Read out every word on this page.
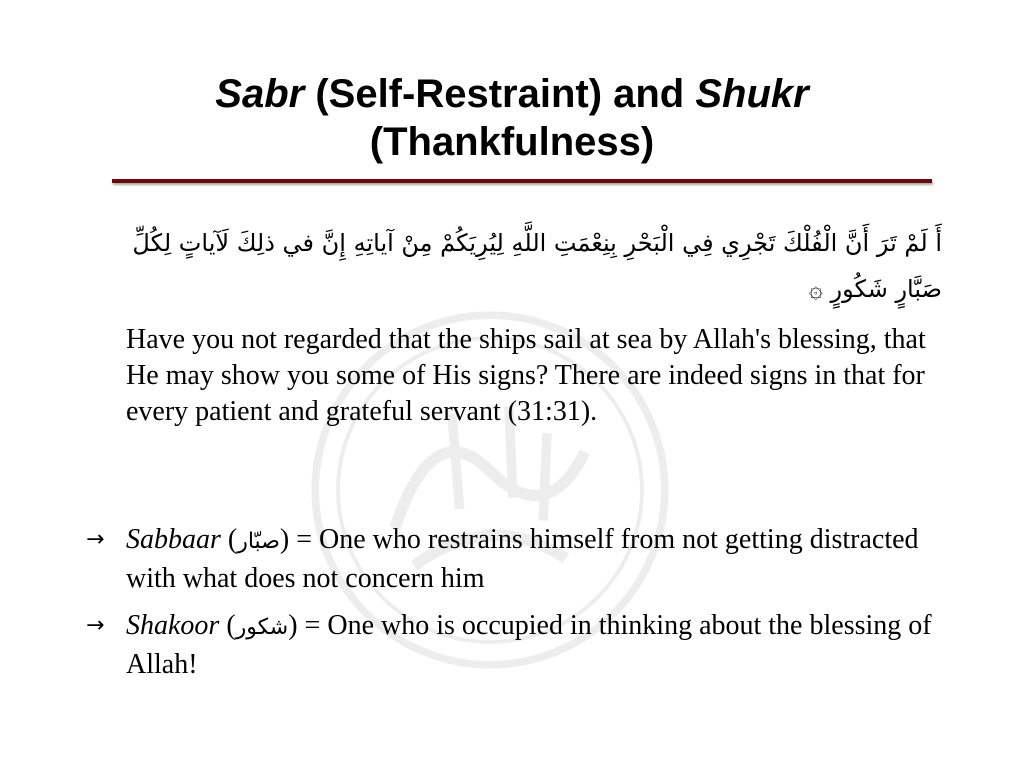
Sabr (Self-Restraint) and Shukr
(Thankfulness)
أَ لَمْ تَرَ أَنَّ الْفُلْكَ تَجْرِي فِي الْبَحْرِ بِنِعْمَتِ اللَّهِ لِيُرِيَكُمْ مِنْ آياتِهِ إِنَّ في ذلِكَ لَآياتٍ لِكُلِّ صَبَّارٍ شَكُورٍ ۞
Have you not regarded that the ships sail at sea by Allah's blessing, that He may show you some of His signs? There are indeed signs in that for every patient and grateful servant (31:31).
→ Sabbaar (صبّار) = One who restrains himself from not getting distracted with what does not concern him
→ Shakoor (شكور) = One who is occupied in thinking about the blessing of Allah!
